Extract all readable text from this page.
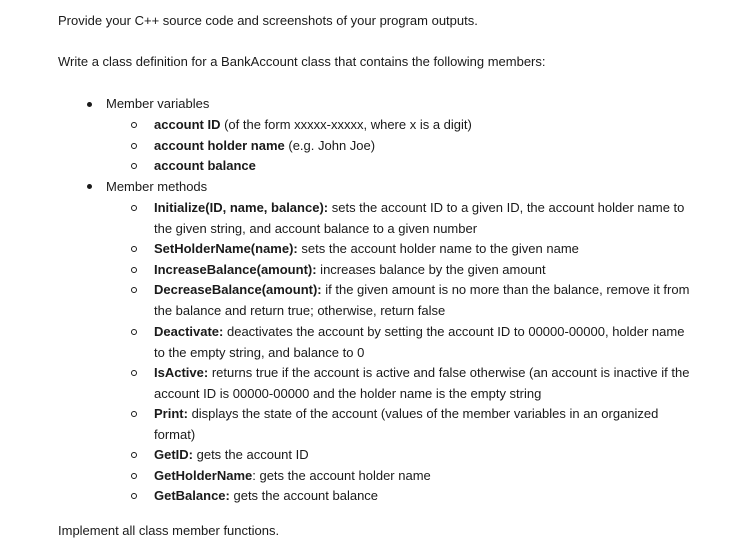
Provide your C++ source code and screenshots of your program outputs.

Write a class definition for a BankAccount class that contains the following members:

Member variables
account ID (of the form xxxxx-xxxxx, where x is a digit)
account holder name (e.g. John Joe)
account balance
Member methods
Initialize(ID, name, balance): sets the account ID to a given ID, the account holder name to the given string, and account balance to a given number
SetHolderName(name): sets the account holder name to the given name
IncreaseBalance(amount): increases balance by the given amount
DecreaseBalance(amount): if the given amount is no more than the balance, remove it from the balance and return true; otherwise, return false
Deactivate: deactivates the account by setting the account ID to 00000-00000, holder name to the empty string, and balance to 0
IsActive: returns true if the account is active and false otherwise (an account is inactive if the account ID is 00000-00000 and the holder name is the empty string
Print: displays the state of the account (values of the member variables in an organized format)
GetID: gets the account ID
GetHolderName: gets the account holder name
GetBalance: gets the account balance

Implement all class member functions.
